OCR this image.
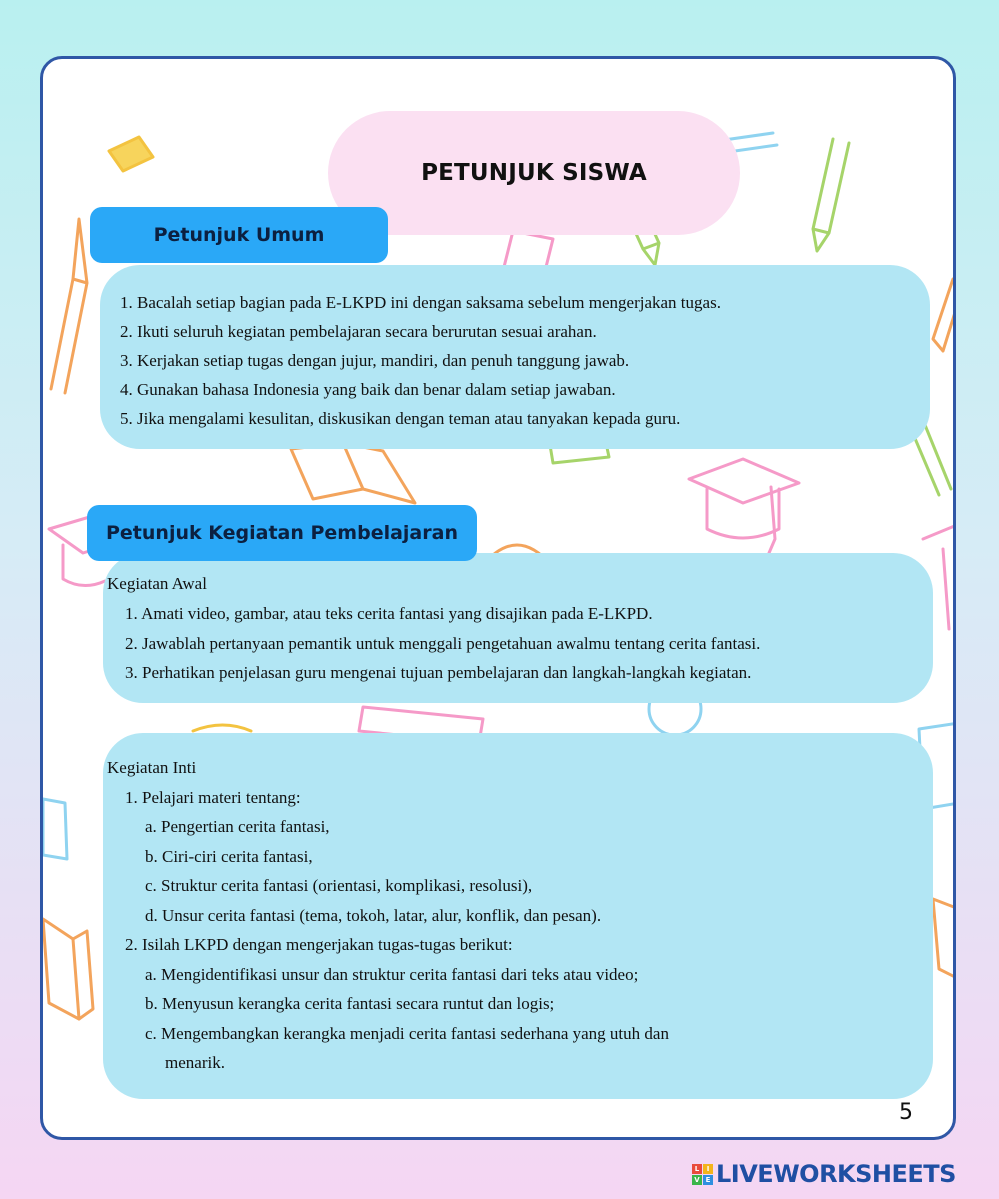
PETUNJUK SISWA
Petunjuk Umum
1. Bacalah setiap bagian pada E-LKPD ini dengan saksama sebelum mengerjakan tugas.
2. Ikuti seluruh kegiatan pembelajaran secara berurutan sesuai arahan.
3. Kerjakan setiap tugas dengan jujur, mandiri, dan penuh tanggung jawab.
4. Gunakan bahasa Indonesia yang baik dan benar dalam setiap jawaban.
5. Jika mengalami kesulitan, diskusikan dengan teman atau tanyakan kepada guru.
Petunjuk Kegiatan Pembelajaran
Kegiatan Awal
1. Amati video, gambar, atau teks cerita fantasi yang disajikan pada E-LKPD.
2. Jawablah pertanyaan pemantik untuk menggali pengetahuan awalmu tentang cerita fantasi.
3. Perhatikan penjelasan guru mengenai tujuan pembelajaran dan langkah-langkah kegiatan.
Kegiatan Inti
1. Pelajari materi tentang:
a. Pengertian cerita fantasi,
b. Ciri-ciri cerita fantasi,
c. Struktur cerita fantasi (orientasi, komplikasi, resolusi),
d. Unsur cerita fantasi (tema, tokoh, latar, alur, konflik, dan pesan).
2. Isilah LKPD dengan mengerjakan tugas-tugas berikut:
a. Mengidentifikasi unsur dan struktur cerita fantasi dari teks atau video;
b. Menyusun kerangka cerita fantasi secara runtut dan logis;
c. Mengembangkan kerangka menjadi cerita fantasi sederhana yang utuh dan
menarik.
5
L	I
V E LIVEWORKSHEETS
